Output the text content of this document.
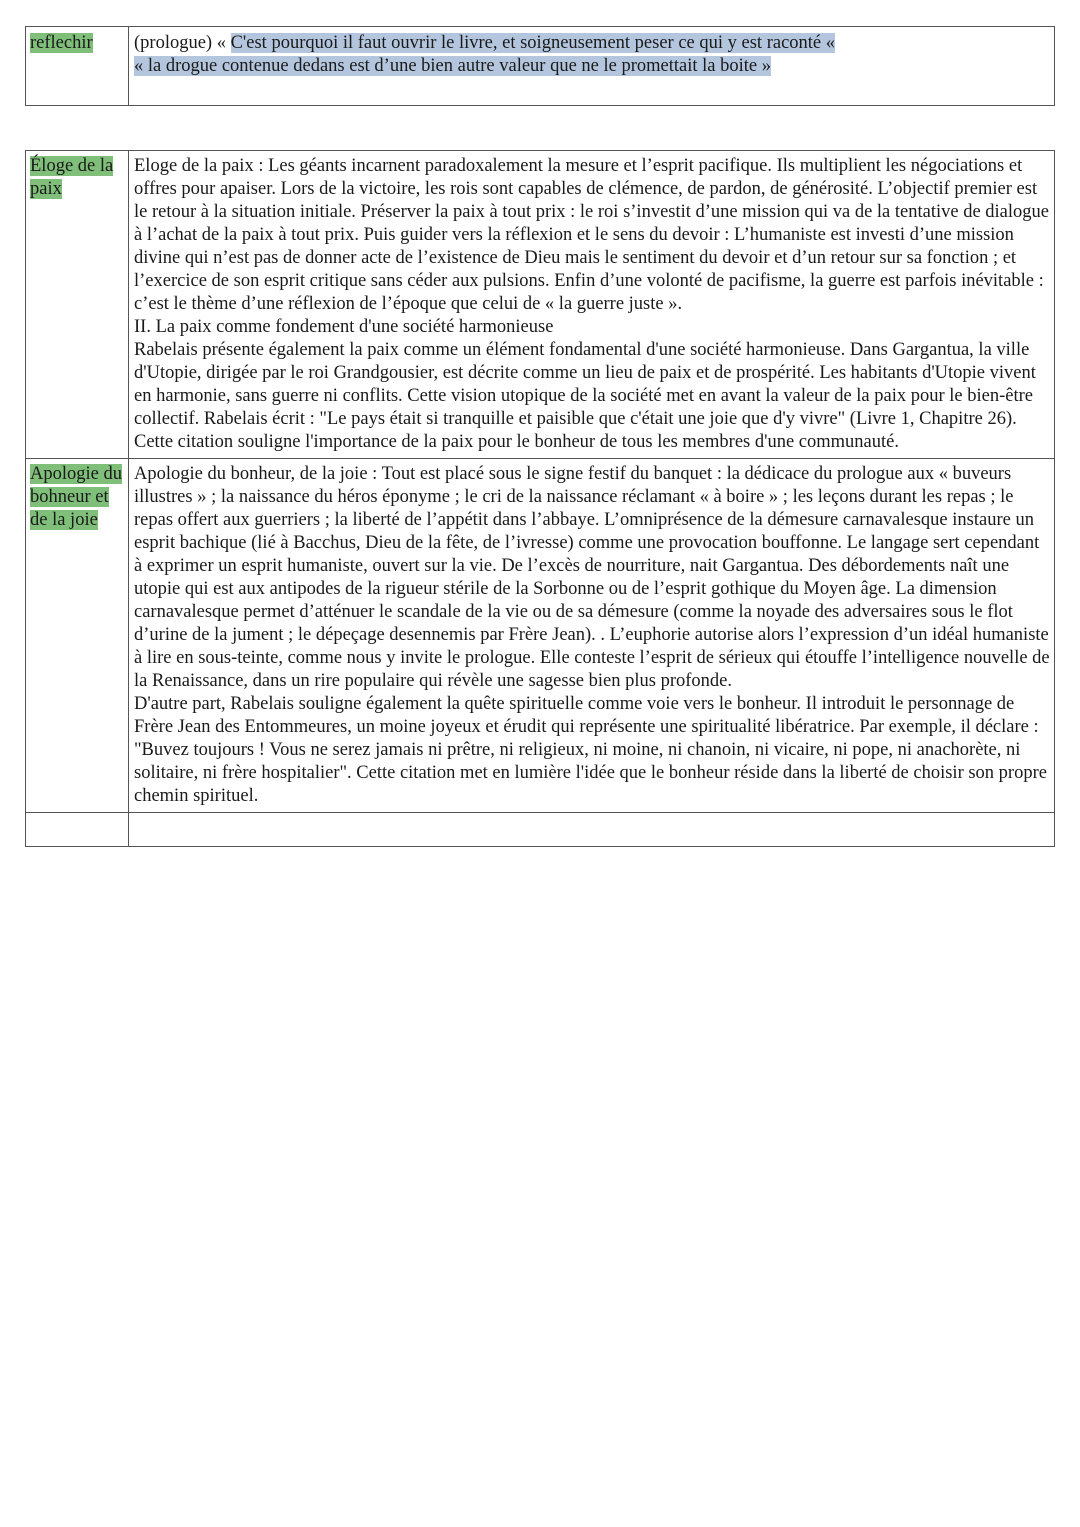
reflechir	(prologue) « C'est pourquoi il faut ouvrir le livre, et soigneusement peser ce qui y est raconté «
« la drogue contenue dedans est d’une bien autre valeur que ne le promettait la boite »
Éloge de la paix	Eloge de la paix : Les géants incarnent paradoxalement la mesure et l’esprit pacifique. Ils multiplient les négociations et offres pour apaiser. Lors de la victoire, les rois sont capables de clémence, de pardon, de générosité. L’objectif premier est le retour à la situation initiale. Préserver la paix à tout prix : le roi s’investit d’une mission qui va de la tentative de dialogue à l’achat de la paix à tout prix. Puis guider vers la réflexion et le sens du devoir : L’humaniste est investi d’une mission divine qui n’est pas de donner acte de l’existence de Dieu mais le sentiment du devoir et d’un retour sur sa fonction ; et l’exercice de son esprit critique sans céder aux pulsions. Enfin d’une volonté de pacifisme, la guerre est parfois inévitable : c’est le thème d’une réflexion de l’époque que celui de « la guerre juste ».
II. La paix comme fondement d'une société harmonieuse
Rabelais présente également la paix comme un élément fondamental d'une société harmonieuse. Dans Gargantua, la ville d'Utopie, dirigée par le roi Grandgousier, est décrite comme un lieu de paix et de prospérité. Les habitants d'Utopie vivent en harmonie, sans guerre ni conflits. Cette vision utopique de la société met en avant la valeur de la paix pour le bien-être collectif. Rabelais écrit : "Le pays était si tranquille et paisible que c'était une joie que d'y vivre" (Livre 1, Chapitre 26). Cette citation souligne l'importance de la paix pour le bonheur de tous les membres d'une communauté.

Apologie du bohneur et de la joie	Apologie du bonheur, de la joie : Tout est placé sous le signe festif du banquet : la dédicace du prologue aux « buveurs illustres » ; la naissance du héros éponyme ; le cri de la naissance réclamant « à boire » ; les leçons durant les repas ; le repas offert aux guerriers ; la liberté de l’appétit dans l’abbaye. L’omniprésence de la démesure carnavalesque instaure un esprit bachique (lié à Bacchus, Dieu de la fête, de l’ivresse) comme une provocation bouffonne. Le langage sert cependant à exprimer un esprit humaniste, ouvert sur la vie. De l’excès de nourriture, nait Gargantua. Des débordements naît une utopie qui est aux antipodes de la rigueur stérile de la Sorbonne ou de l’esprit gothique du Moyen âge. La dimension carnavalesque permet d’atténuer le scandale de la vie ou de sa démesure (comme la noyade des adversaires sous le flot d’urine de la jument ; le dépeçage desennemis par Frère Jean). . L’euphorie autorise alors l’expression d’un idéal humaniste à lire en sous-teinte, comme nous y invite le prologue. Elle conteste l’esprit de sérieux qui étouffe l’intelligence nouvelle de la Renaissance, dans un rire populaire qui révèle une sagesse bien plus profonde.
D'autre part, Rabelais souligne également la quête spirituelle comme voie vers le bonheur. Il introduit le personnage de Frère Jean des Entommeures, un moine joyeux et érudit qui représente une spiritualité libératrice. Par exemple, il déclare : "Buvez toujours ! Vous ne serez jamais ni prêtre, ni religieux, ni moine, ni chanoin, ni vicaire, ni pope, ni anachorète, ni solitaire, ni frère hospitalier". Cette citation met en lumière l'idée que le bonheur réside dans la liberté de choisir son propre chemin spirituel.
